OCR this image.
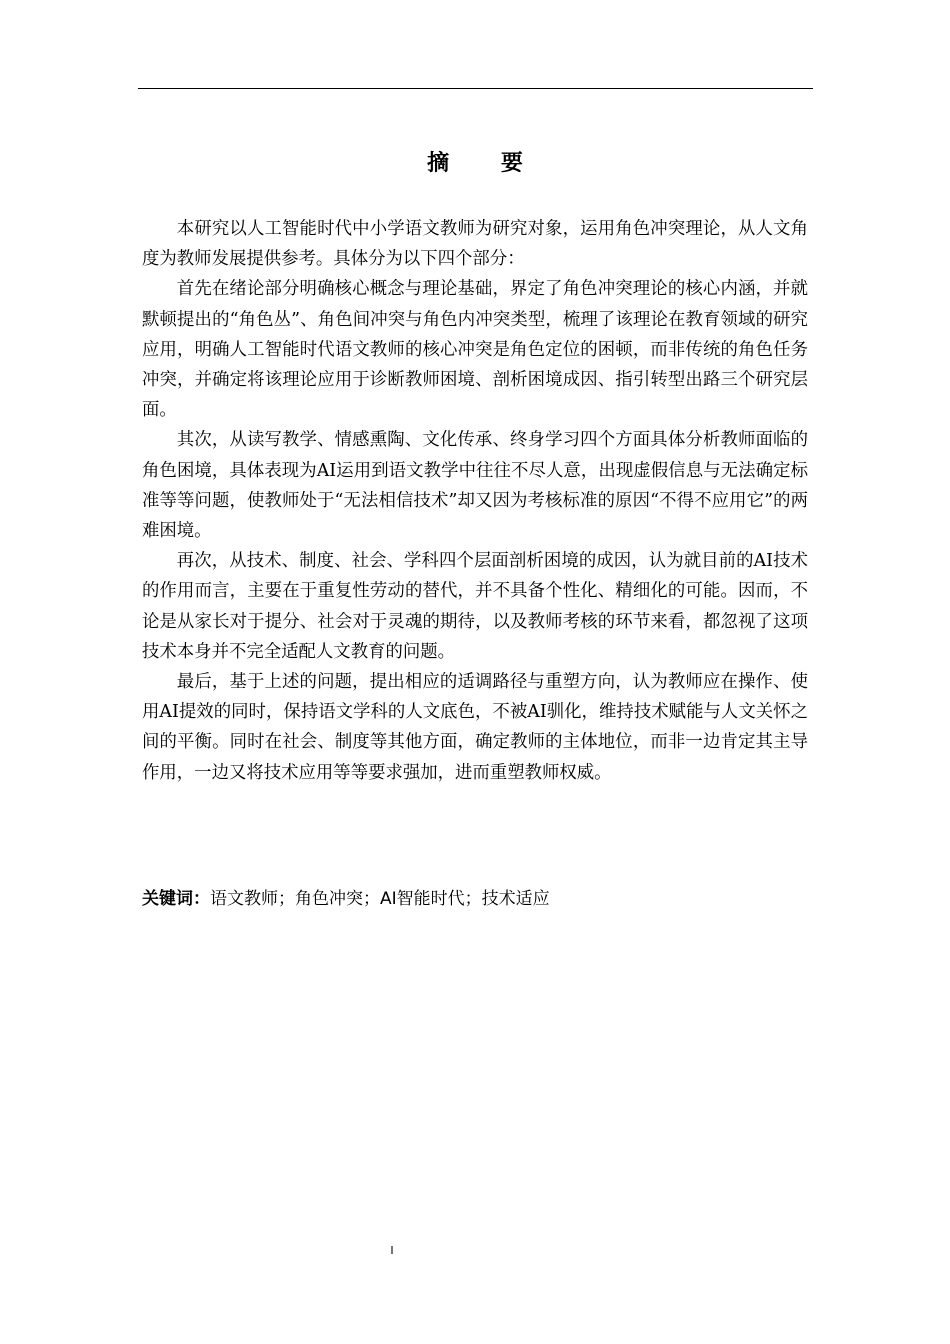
摘 要

本研究以人工智能时代中小学语文教师为研究对象，运用角色冲突理论，从人文角度为教师发展提供参考。具体分为以下四个部分：

首先在绪论部分明确核心概念与理论基础，界定了角色冲突理论的核心内涵，并就默顿提出的“角色丛”、角色间冲突与角色内冲突类型，梳理了该理论在教育领域的研究应用，明确人工智能时代语文教师的核心冲突是角色定位的困顿，而非传统的角色任务冲突，并确定将该理论应用于诊断教师困境、剖析困境成因、指引转型出路三个研究层面。

其次，从读写教学、情感熏陶、文化传承、终身学习四个方面具体分析教师面临的角色困境，具体表现为AI运用到语文教学中往往不尽人意，出现虚假信息与无法确定标准等等问题，使教师处于“无法相信技术”却又因为考核标准的原因“不得不应用它”的两难困境。

再次，从技术、制度、社会、学科四个层面剖析困境的成因，认为就目前的AI技术的作用而言，主要在于重复性劳动的替代，并不具备个性化、精细化的可能。因而，不论是从家长对于提分、社会对于灵魂的期待，以及教师考核的环节来看，都忽视了这项技术本身并不完全适配人文教育的问题。

最后，基于上述的问题，提出相应的适调路径与重塑方向，认为教师应在操作、使用AI提效的同时，保持语文学科的人文底色，不被AI驯化，维持技术赋能与人文关怀之间的平衡。同时在社会、制度等其他方面，确定教师的主体地位，而非一边肯定其主导作用，一边又将技术应用等等要求强加，进而重塑教师权威。

关键词：语文教师；角色冲突；AI智能时代；技术适应
I
